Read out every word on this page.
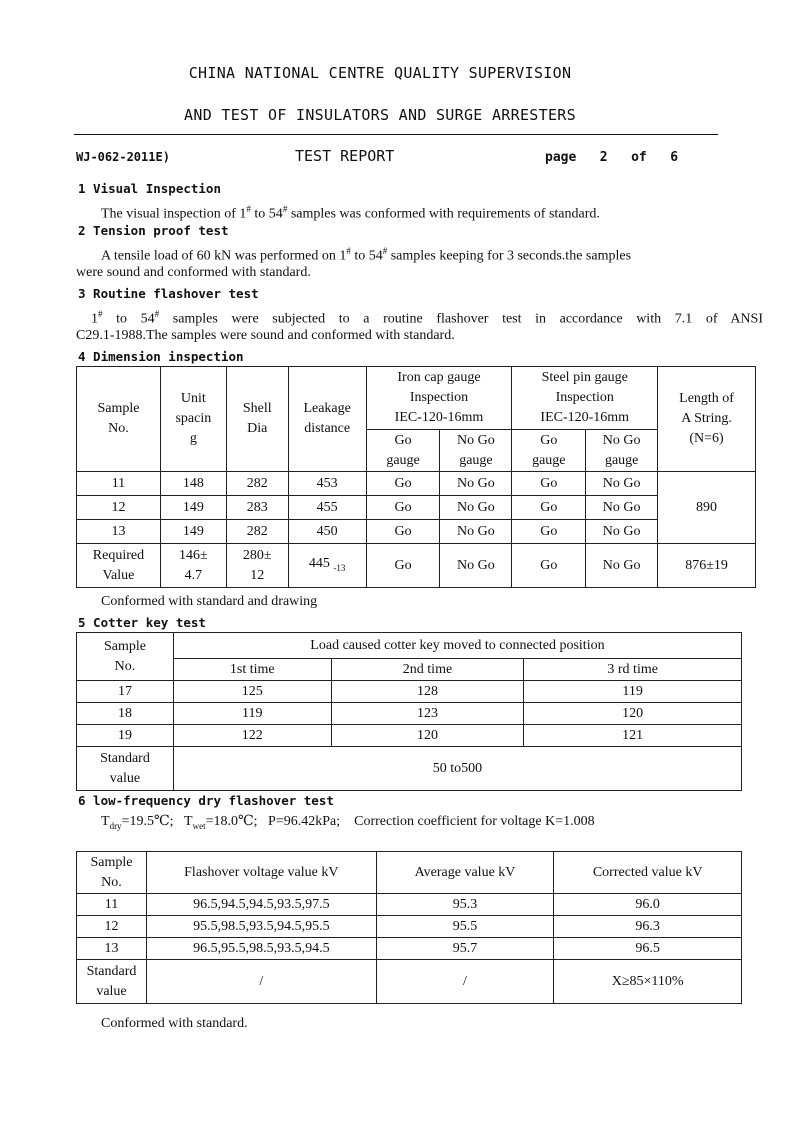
CHINA NATIONAL CENTRE QUALITY SUPERVISION
AND TEST OF INSULATORS AND SURGE ARRESTERS
WJ-062-2011E)	TEST REPORT	page 2 of 6
1 Visual Inspection
The visual inspection of 1# to 54# samples was conformed with requirements of standard.
2 Tension proof test
A tensile load of 60 kN was performed on 1# to 54# samples keeping for 3 seconds.the samples
were sound and conformed with standard.
3 Routine flashover test
1# to 54# samples were subjected to a routine flashover test in accordance with 7.1 of ANSI
C29.1-1988.The samples were sound and conformed with standard.
4 Dimension inspection
Sample
No.	Unit
spacin
g	Shell
Dia	Leakage
distance	Iron cap gauge
Inspection
IEC-120-16mm		Steel pin gauge
Inspection
IEC-120-16mm		Length of
A String.
(N=6)
				Go
gauge	No Go
gauge	Go
gauge	No Go
gauge	
11	148	282	453	Go	No Go	Go	No Go	890
12	149	283	455	Go	No Go	Go	No Go	
13	149	282	450	Go	No Go	Go	No Go	
Required
Value	146±
4.7	280±
12	445 $_{-13}$	Go	No Go	Go	No Go	876±19
Conformed with standard and drawing
5 Cotter key test
Sample
No.	Load caused cotter key moved to connected position		
	1st time	2nd time	3 rd time
17	125	128	119
18	119	123	120
19	122	120	121
Standard
value	50 to500		
6 low-frequency dry flashover test
$T_{dry}=19.5℃$; $T_{wet}=18.0℃$; P=96.42kPa; Correction coefficient for voltage K=1.008
Sample
No.	Flashover voltage value kV	Average value kV	Corrected value kV
11	96.5,94.5,94.5,93.5,97.5	95.3	96.0
12	95.5,98.5,93.5,94.5,95.5	95.5	96.3
13	96.5,95.5,98.5,93.5,94.5	95.7	96.5
Standard
value	/	/	X≥85×110%
Conformed with standard.
